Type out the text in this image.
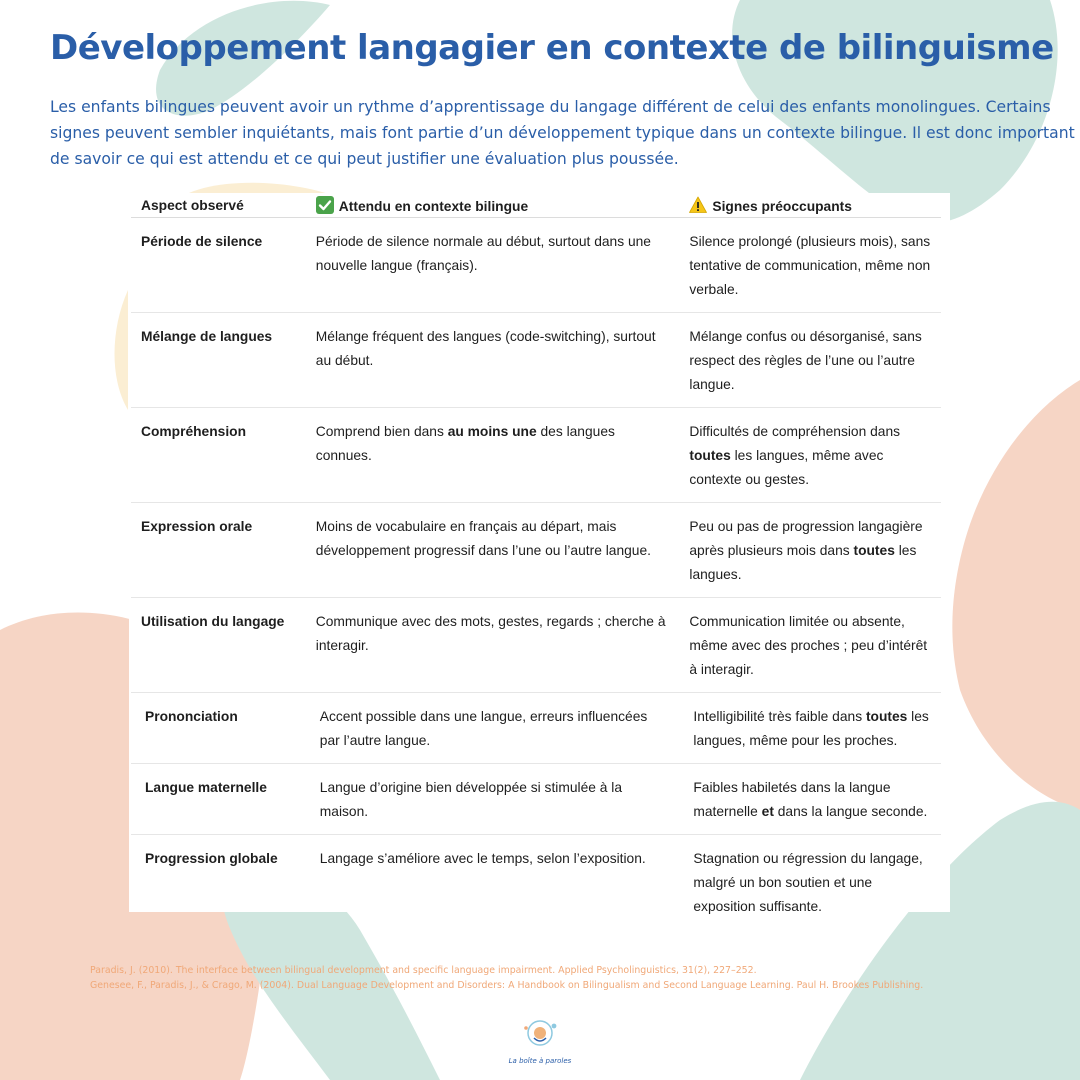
Développement langagier en contexte de bilinguisme

Les enfants bilingues peuvent avoir un rythme d’apprentissage du langage différent de celui des enfants monolingues. Certains signes peuvent sembler inquiétants, mais font partie d’un développement typique dans un contexte bilingue. Il est donc important de savoir ce qui est attendu et ce qui peut justifier une évaluation plus poussée.

Aspect observé	Attendu en contexte bilingue	Signes préoccupants
Période de silence	Période de silence normale au début, surtout dans une nouvelle langue (français).	Silence prolongé (plusieurs mois), sans tentative de communication, même non verbale.
Mélange de langues	Mélange fréquent des langues (code-switching), surtout au début.	Mélange confus ou désorganisé, sans respect des règles de l’une ou l’autre langue.
Compréhension	Comprend bien dans au moins une des langues connues.	Difficultés de compréhension dans toutes les langues, même avec contexte ou gestes.
Expression orale	Moins de vocabulaire en français au départ, mais développement progressif dans l’une ou l’autre langue.	Peu ou pas de progression langagière après plusieurs mois dans toutes les langues.
Utilisation du langage	Communique avec des mots, gestes, regards ; cherche à interagir.	Communication limitée ou absente, même avec des proches ; peu d’intérêt à interagir.
Prononciation	Accent possible dans une langue, erreurs influencées par l’autre langue.	Intelligibilité très faible dans toutes les langues, même pour les proches.
Langue maternelle	Langue d’origine bien développée si stimulée à la maison.	Faibles habiletés dans la langue maternelle et dans la langue seconde.
Progression globale	Langage s’améliore avec le temps, selon l’exposition.	Stagnation ou régression du langage, malgré un bon soutien et une exposition suffisante.
Paradis, J. (2010). The interface between bilingual development and specific language impairment. Applied Psycholinguistics, 31(2), 227–252.
Genesee, F., Paradis, J., & Crago, M. (2004). Dual Language Development and Disorders: A Handbook on Bilingualism and Second Language Learning. Paul H. Brookes Publishing.
La boîte à paroles
